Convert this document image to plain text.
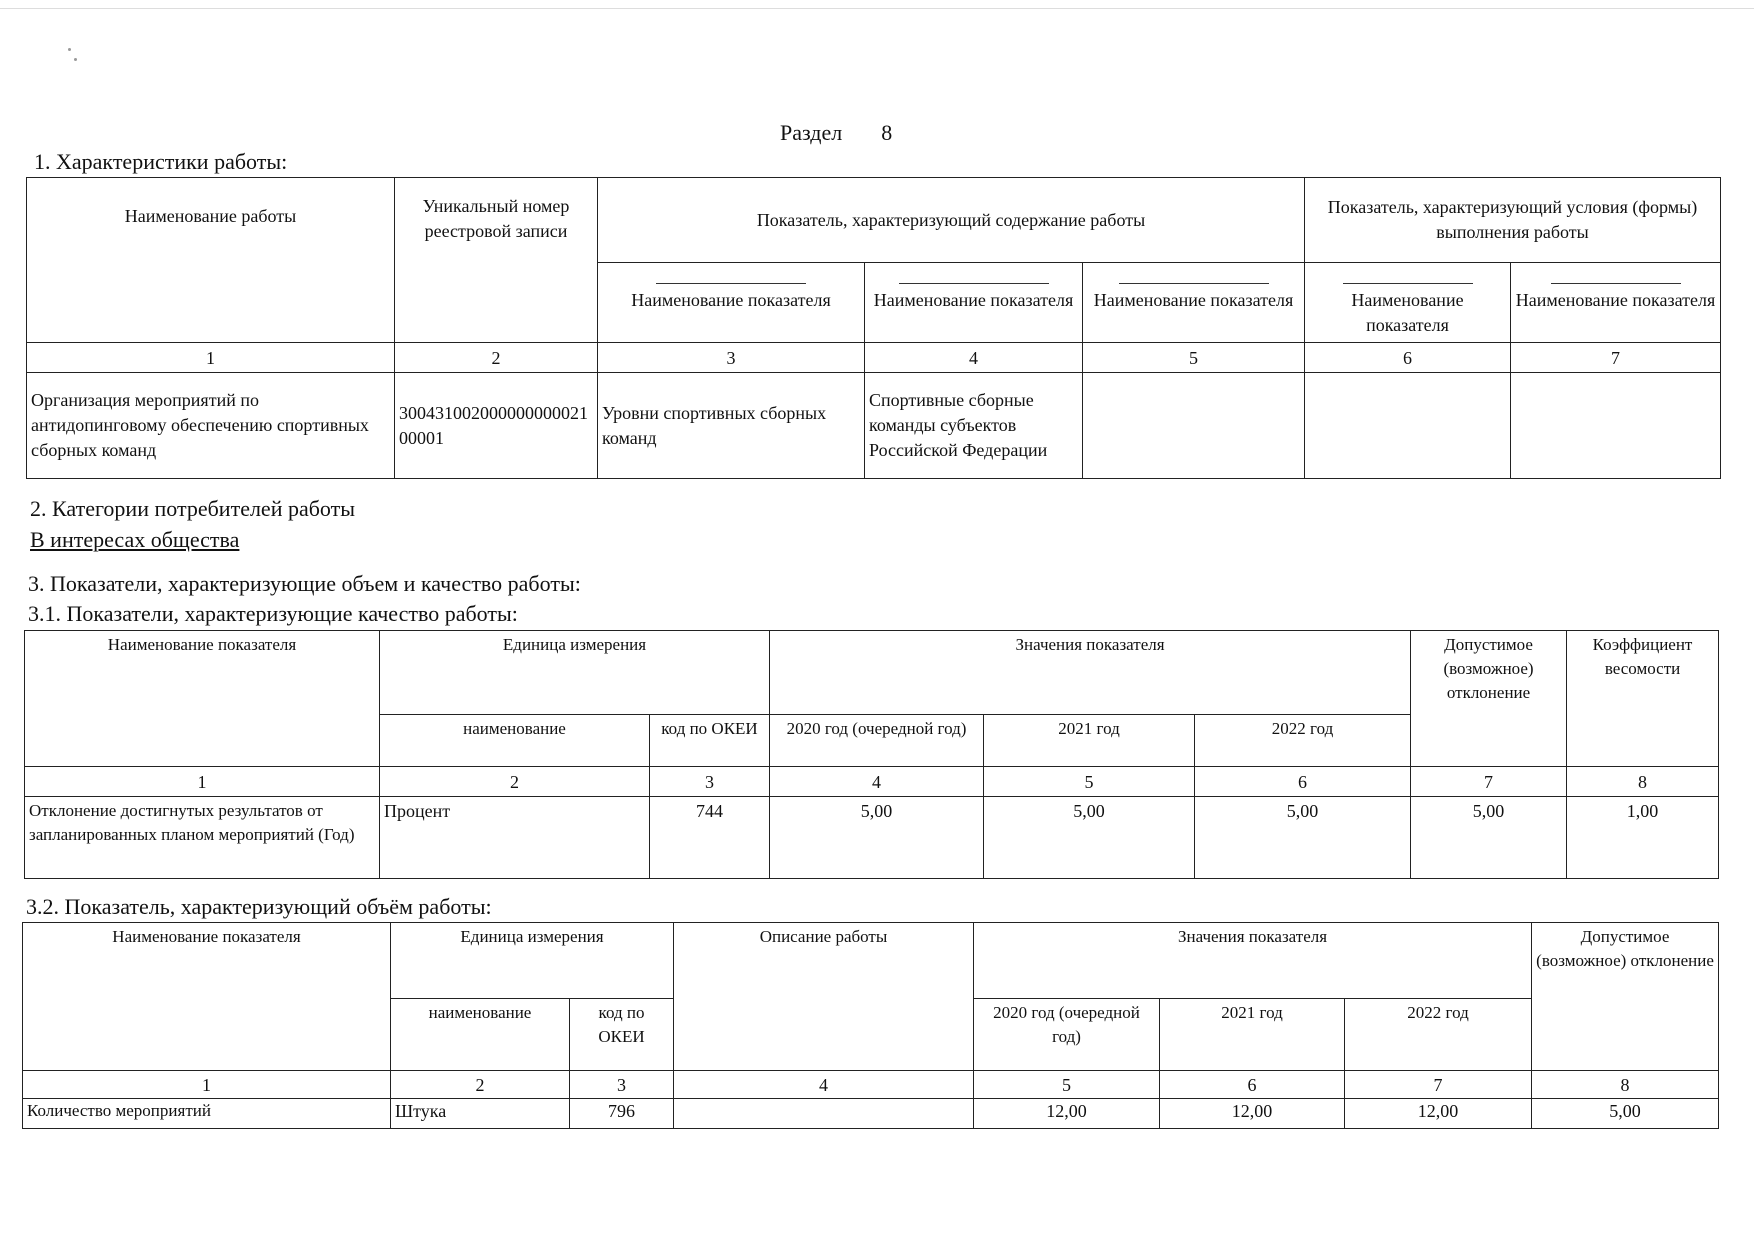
Раздел 8
1. Характеристики работы:
Наименование работы	Уникальный номер реестровой записи	Показатель, характеризующий содержание работы			Показатель, характеризующий условия (формы) выполнения работы	

Наименование показателя	Наименование показателя	Наименование показателя	Наименование показателя	Наименование показателя
1	2	3	4	5	6	7
Организация мероприятий по антидопинговому обеспечению спортивных сборных команд	30043100200000000002100001	Уровни спортивных сборных команд	Спортивные сборные команды субъектов Российской Федерации			
2. Категории потребителей работы
В интересах общества
3. Показатели, характеризующие объем и качество работы:
3.1. Показатели, характеризующие качество работы:
Наименование показателя	Единица измерения		Значения показателя			Допустимое (возможное) отклонение	Коэффициент весомости
	наименование	код по ОКЕИ	2020 год (очередной год)	2021 год	2022 год		
1	2	3	4	5	6	7	8
Отклонение достигнутых результатов от запланированных планом мероприятий (Год)	Процент	744	5,00	5,00	5,00	5,00	1,00
3.2. Показатель, характеризующий объём работы:
Наименование показателя	Единица измерения		Описание работы	Значения показателя			Допустимое (возможное) отклонение
	наименование	код по ОКЕИ		2020 год (очередной год)	2021 год	2022 год	
1	2	3	4	5	6	7	8
Количество мероприятий	Штука	796		12,00	12,00	12,00	5,00
